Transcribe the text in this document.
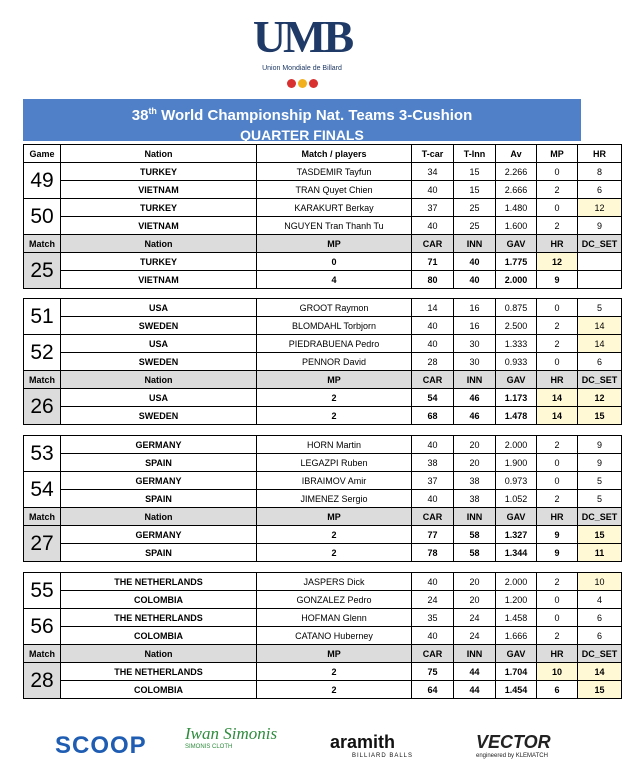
UMB
Union Mondiale de Billard
38th World Championship Nat. Teams 3-Cushion
QUARTER FINALS
Game	Nation	Match / players	T-car	T-Inn	Av	MP	HR
49	TURKEY	TASDEMIR Tayfun	34	15	2.266	0	8
	VIETNAM	TRAN Quyet Chien	40	15	2.666	2	6
50	TURKEY	KARAKURT Berkay	37	25	1.480	0	12
	VIETNAM	NGUYEN Tran Thanh Tu	40	25	1.600	2	9
Match	Nation	MP	CAR	INN	GAV	HR	DC_SET
25	TURKEY	0	71	40	1.775	12	
	VIETNAM	4	80	40	2.000	9	
51	USA	GROOT Raymon	14	16	0.875	0	5
	SWEDEN	BLOMDAHL Torbjorn	40	16	2.500	2	14
52	USA	PIEDRABUENA Pedro	40	30	1.333	2	14
	SWEDEN	PENNOR David	28	30	0.933	0	6
Match	Nation	MP	CAR	INN	GAV	HR	DC_SET
26	USA	2	54	46	1.173	14	12
	SWEDEN	2	68	46	1.478	14	15
53	GERMANY	HORN Martin	40	20	2.000	2	9
	SPAIN	LEGAZPI Ruben	38	20	1.900	0	9
54	GERMANY	IBRAIMOV Amir	37	38	0.973	0	5
	SPAIN	JIMENEZ Sergio	40	38	1.052	2	5
Match	Nation	MP	CAR	INN	GAV	HR	DC_SET
27	GERMANY	2	77	58	1.327	9	15
	SPAIN	2	78	58	1.344	9	11
55	THE NETHERLANDS	JASPERS Dick	40	20	2.000	2	10
	COLOMBIA	GONZALEZ Pedro	24	20	1.200	0	4
56	THE NETHERLANDS	HOFMAN Glenn	35	24	1.458	0	6
	COLOMBIA	CATANO Huberney	40	24	1.666	2	6
Match	Nation	MP	CAR	INN	GAV	HR	DC_SET
28	THE NETHERLANDS	2	75	44	1.704	10	14
	COLOMBIA	2	64	44	1.454	6	15
SCOOP Iwan Simonis
SIMONIS CLOTH	aramith
BILLIARD BALLS
VECTOR
engineered by KLEMATCH
